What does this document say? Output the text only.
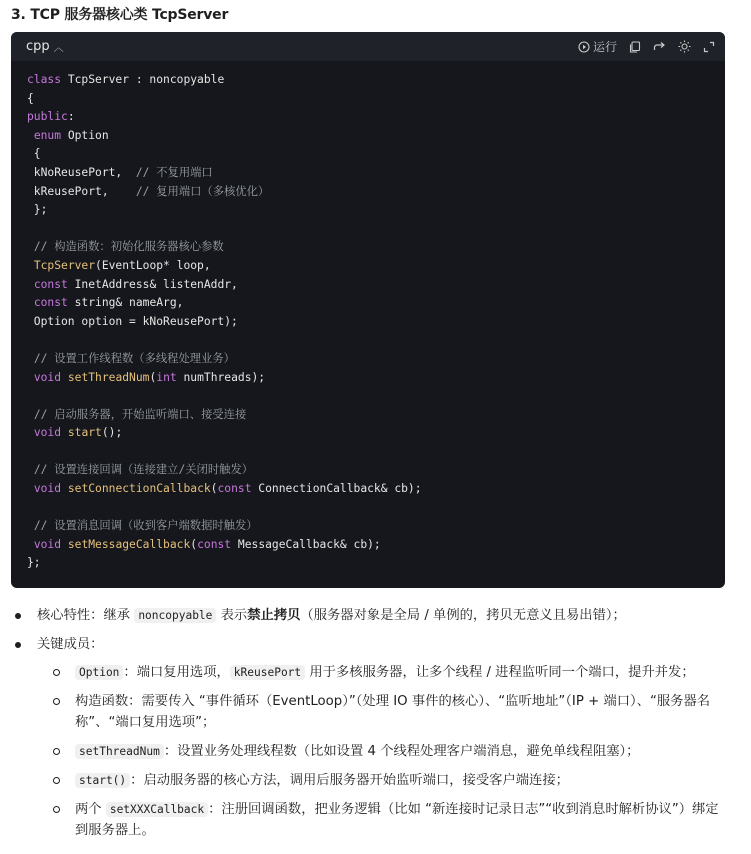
3. TCP 服务器核心类 TcpServer
cpp ︿	运行
class TcpServer : noncopyable
{
public:
enum Option
{
kNoReusePort,  // 不复用端口
kReusePort,    // 复用端口（多核优化）
};

// 构造函数：初始化服务器核心参数
TcpServer(EventLoop* loop,
const InetAddress& listenAddr,
const string& nameArg,
Option option = kNoReusePort);

// 设置工作线程数（多线程处理业务）
void setThreadNum(int numThreads);

// 启动服务器，开始监听端口、接受连接
void start();

// 设置连接回调（连接建立/关闭时触发）
void setConnectionCallback(const ConnectionCallback& cb);

// 设置消息回调（收到客户端数据时触发）
void setMessageCallback(const MessageCallback& cb);
};
核心特性：继承 noncopyable 表示禁止拷贝（服务器对象是全局 / 单例的，拷贝无意义且易出错）；
关键成员：
Option ：端口复用选项， kReusePort 用于多核服务器，让多个线程 / 进程监听同一个端口，提升并发；
构造函数：需要传入 “事件循环（EventLoop）”（处理 IO 事件的核心）、“监听地址”（IP + 端口）、“服务器名称”、“端口复用选项”；
setThreadNum ：设置业务处理线程数（比如设置 4 个线程处理客户端消息，避免单线程阻塞）；
start() ：启动服务器的核心方法，调用后服务器开始监听端口，接受客户端连接；
两个 setXXXCallback ：注册回调函数，把业务逻辑（比如 “新连接时记录日志”“收到消息时解析协议”）绑定到服务器上。
